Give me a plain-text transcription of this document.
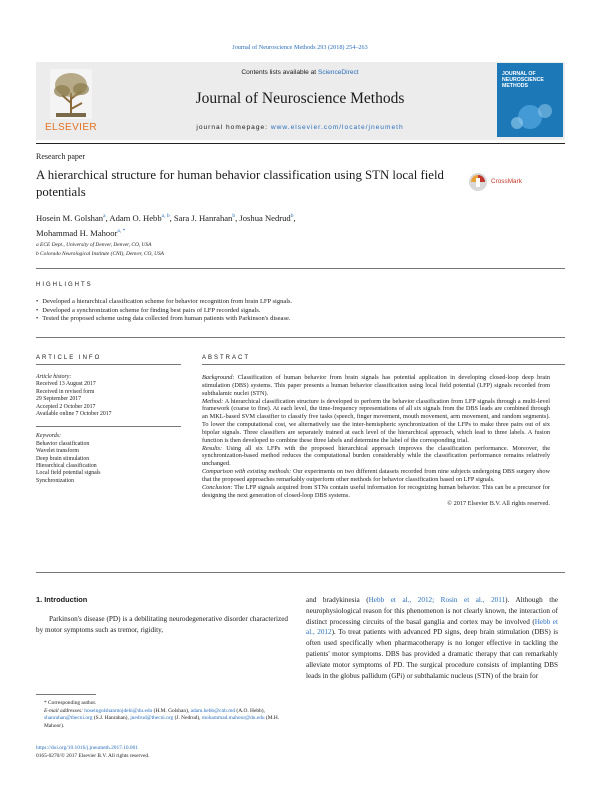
Journal of Neuroscience Methods 293 (2018) 254–263
ELSEVIER
Contents lists available at ScienceDirect
Journal of Neuroscience Methods
journal homepage: www.elsevier.com/locate/jneumeth
JOURNAL OF NEUROSCIENCE METHODS
Research paper
A hierarchical structure for human behavior classification using STN local field potentials
CrossMark
Hosein M. Golshan$^a$, Adam O. Hebb$^{a, b}$, Sara J. Hanrahan$^b$, Joshua Nedrud$^b$,
Mohammad H. Mahoor$^{a, *}$
a ECE Dept., University of Denver, Denver, CO, USA
b Colorado Neurological Institute (CNI), Denver, CO, USA
HIGHLIGHTS
• Developed a hierarchical classification scheme for behavior recognition from brain LFP signals.
• Developed a synchronization scheme for finding best pairs of LFP recorded signals.
• Tested the proposed scheme using data collected from human patients with Parkinson's disease.
ARTICLE INFO
Article history:
Received 13 August 2017
Received in revised form
29 September 2017
Accepted 2 October 2017
Available online 7 October 2017
Keywords:
Behavior classification
Wavelet transform
Deep brain stimulation
Hierarchical classification
Local field potential signals
Synchronization
ABSTRACT

Background: Classification of human behavior from brain signals has potential application in developing closed-loop deep brain stimulation (DBS) systems. This paper presents a human behavior classification using local field potential (LFP) signals recorded from subthalamic nuclei (STN).

Method: A hierarchical classification structure is developed to perform the behavior classification from LFP signals through a multi-level framework (coarse to fine). At each level, the time-frequency representations of all six signals from the DBS leads are combined through an MKL-based SVM classifier to classify five tasks (speech, finger movement, mouth movement, arm movement, and random segments). To lower the computational cost, we alternatively use the inter-hemispheric synchronization of the LFPs to make three pairs out of six bipolar signals. Three classifiers are separately trained at each level of the hierarchical approach, which lead to three labels. A fusion function is then developed to combine these three labels and determine the label of the corresponding trial.

Results: Using all six LFPs with the proposed hierarchical approach improves the classification performance. Moreover, the synchronization-based method reduces the computational burden considerably while the classification performance remains relatively unchanged.

Comparison with existing methods: Our experiments on two different datasets recorded from nine subjects undergoing DBS surgery show that the proposed approaches remarkably outperform other methods for behavior classification based on LFP signals.

Conclusion: The LFP signals acquired from STNs contain useful information for recognizing human behavior. This can be a precursor for designing the next generation of closed-loop DBS systems.

© 2017 Elsevier B.V. All rights reserved.

1. Introduction

Parkinson's disease (PD) is a debilitating neurodegenerative disorder characterized by motor symptoms such as tremor, rigidity,

and bradykinesia (Hebb et al., 2012; Rosin et al., 2011). Although the neurophysiological reason for this phenomenon is not clearly known, the interaction of distinct processing circuits of the basal ganglia and cortex may be involved (Hebb et al., 2012). To treat patients with advanced PD signs, deep brain stimulation (DBS) is often used specifically when pharmacotherapy is no longer effective in tackling the patients' motor symptoms. DBS has provided a dramatic therapy that can remarkably alleviate motor symptoms of PD. The surgical procedure consists of implanting DBS leads in the globus pallidum (GPi) or subthalamic nucleus (STN) of the brain for

* Corresponding author.
E-mail addresses: hoseingolshanmojdehi@du.edu (H.M. Golshan), adam.hebb@cnb.md (A.O. Hebb), shanrahan@thecni.org (S.J. Hanrahan), jnedrud@thecni.org (J. Nedrud), mohammad.mahoor@du.edu (M.H. Mahoor).
https://doi.org/10.1016/j.jneumeth.2017.10.001
0165-0270/© 2017 Elsevier B.V. All rights reserved.
